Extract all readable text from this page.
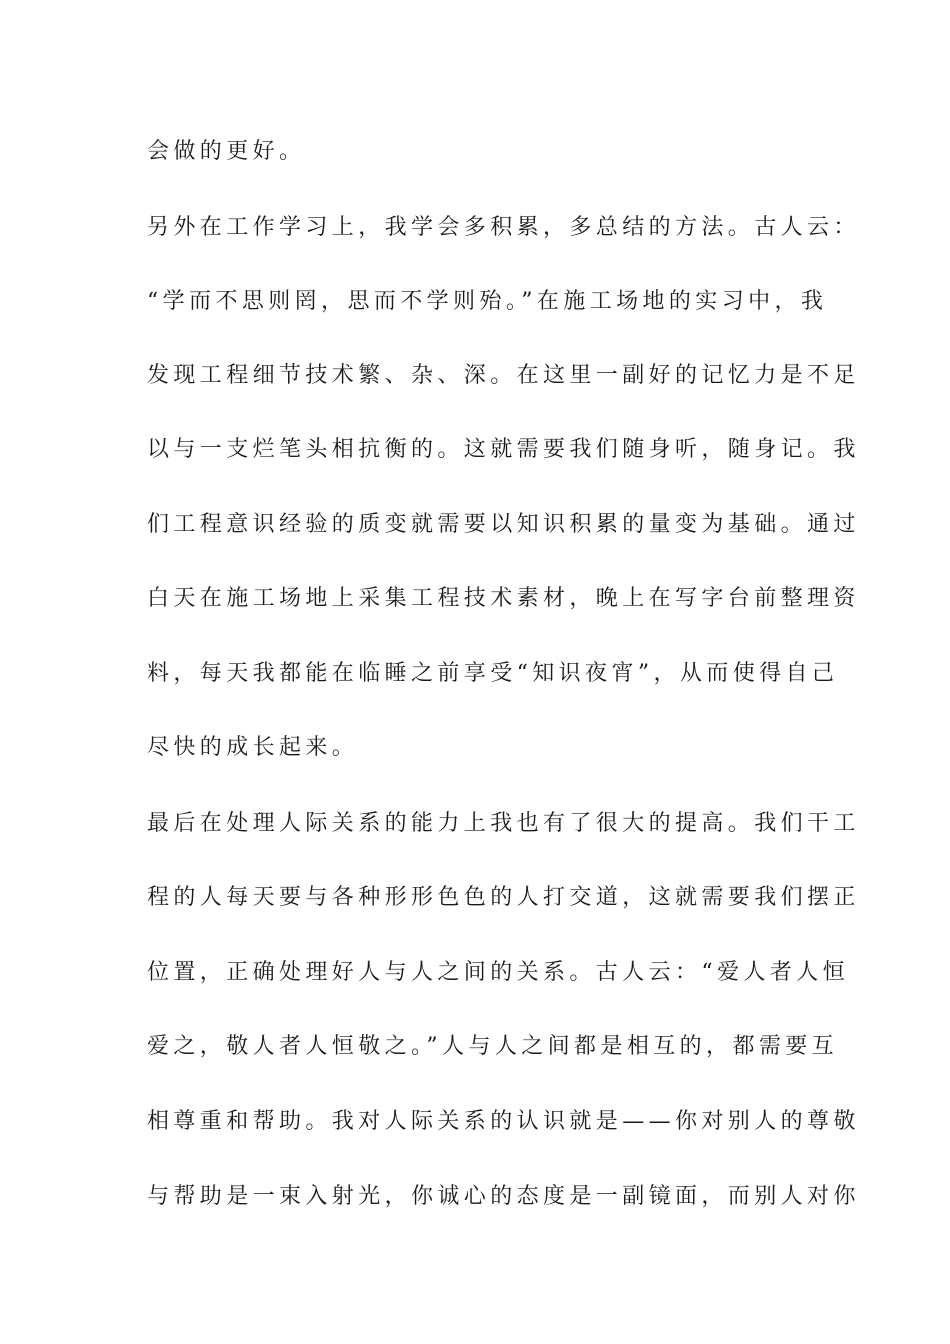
会做的更好。
另外在工作学习上，我学会多积累，多总结的方法。古人云：
“学而不思则罔，思而不学则殆。”在施工场地的实习中，我
发现工程细节技术繁、杂、深。在这里一副好的记忆力是不足
以与一支烂笔头相抗衡的。这就需要我们随身听，随身记。我
们工程意识经验的质变就需要以知识积累的量变为基础。通过
白天在施工场地上采集工程技术素材，晚上在写字台前整理资
料，每天我都能在临睡之前享受“知识夜宵”，从而使得自己
尽快的成长起来。
最后在处理人际关系的能力上我也有了很大的提高。我们干工
程的人每天要与各种形形色色的人打交道，这就需要我们摆正
位置，正确处理好人与人之间的关系。古人云：“爱人者人恒
爱之，敬人者人恒敬之。”人与人之间都是相互的，都需要互
相尊重和帮助。我对人际关系的认识就是——你对别人的尊敬
与帮助是一束入射光，你诚心的态度是一副镜面，而别人对你
